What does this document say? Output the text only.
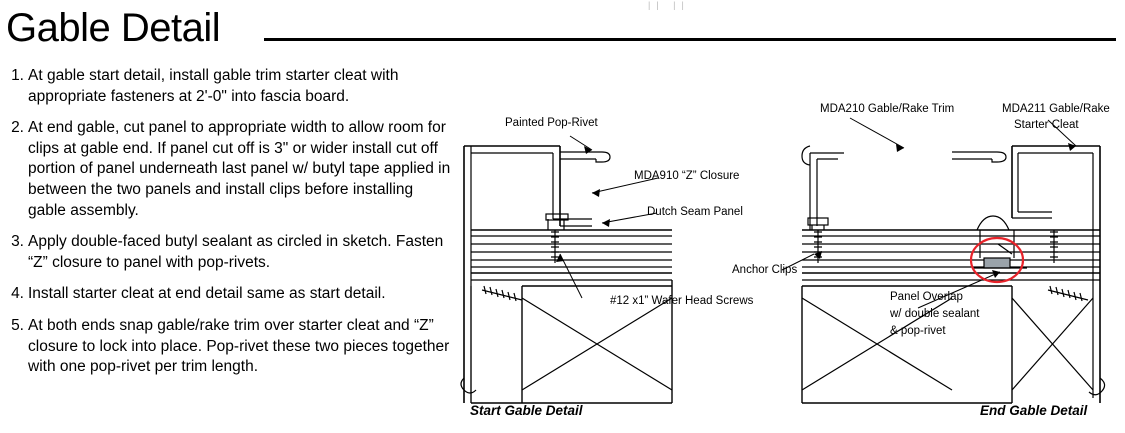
|| ||
Gable Detail
1. At gable start detail, install gable trim starter cleat with appropriate fasteners at 2'-0" into fascia board.
2. At end gable, cut panel to appropriate width to allow room for clips at gable end. If panel cut off is 3" or wider install cut off portion of panel underneath last panel w/ butyl tape applied in between the two panels and install clips before installing gable assembly.
3. Apply double-faced butyl sealant as circled in sketch. Fasten “Z” closure to panel with pop-rivets.
4. Install starter cleat at end detail same as start detail.
5. At both ends snap gable/rake trim over starter cleat and “Z” closure to lock into place. Pop-rivet these two pieces together with one pop-rivet per trim length.
Painted Pop-Rivet
MDA910 “Z” Closure
Dutch Seam Panel
#12 x1” Wafer Head Screws
MDA210 Gable/Rake Trim	MDA211 Gable/Rake
Starter Cleat
Anchor Clips
Panel Overlap
w/ double sealant
& pop-rivet
Start Gable Detail	End Gable Detail
